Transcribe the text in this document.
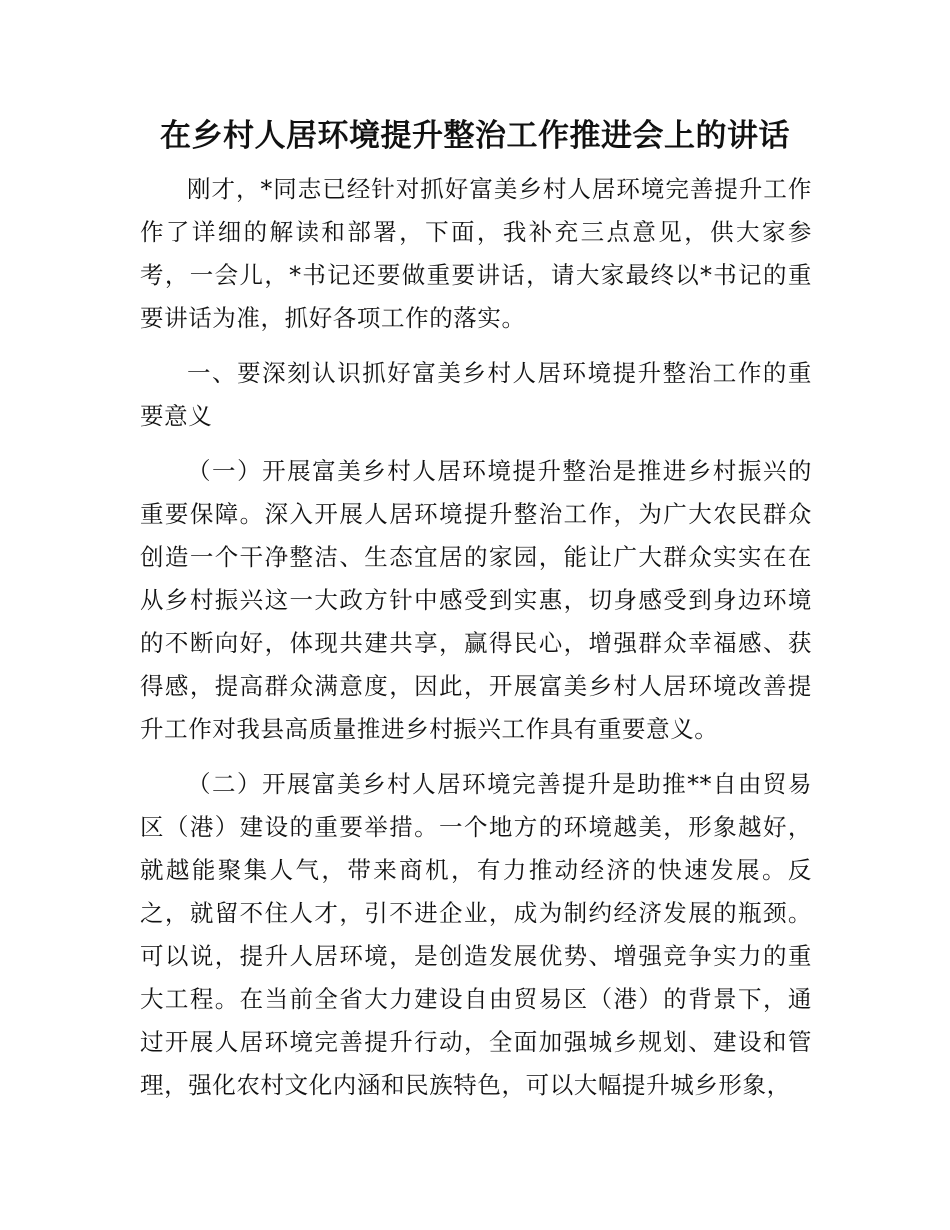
在乡村人居环境提升整治工作推进会上的讲话

刚才，*同志已经针对抓好富美乡村人居环境完善提升工作作了详细的解读和部署，下面，我补充三点意见，供大家参考，一会儿，*书记还要做重要讲话，请大家最终以*书记的重要讲话为准，抓好各项工作的落实。

一、要深刻认识抓好富美乡村人居环境提升整治工作的重要意义

（一）开展富美乡村人居环境提升整治是推进乡村振兴的重要保障。深入开展人居环境提升整治工作，为广大农民群众创造一个干净整洁、生态宜居的家园，能让广大群众实实在在从乡村振兴这一大政方针中感受到实惠，切身感受到身边环境的不断向好，体现共建共享，赢得民心，增强群众幸福感、获得感，提高群众满意度，因此，开展富美乡村人居环境改善提升工作对我县高质量推进乡村振兴工作具有重要意义。

（二）开展富美乡村人居环境完善提升是助推**自由贸易区（港）建设的重要举措。一个地方的环境越美，形象越好，就越能聚集人气，带来商机，有力推动经济的快速发展。反之，就留不住人才，引不进企业，成为制约经济发展的瓶颈。可以说，提升人居环境，是创造发展优势、增强竞争实力的重大工程。在当前全省大力建设自由贸易区（港）的背景下，通过开展人居环境完善提升行动，全面加强城乡规划、建设和管理，强化农村文化内涵和民族特色，可以大幅提升城乡形象，
